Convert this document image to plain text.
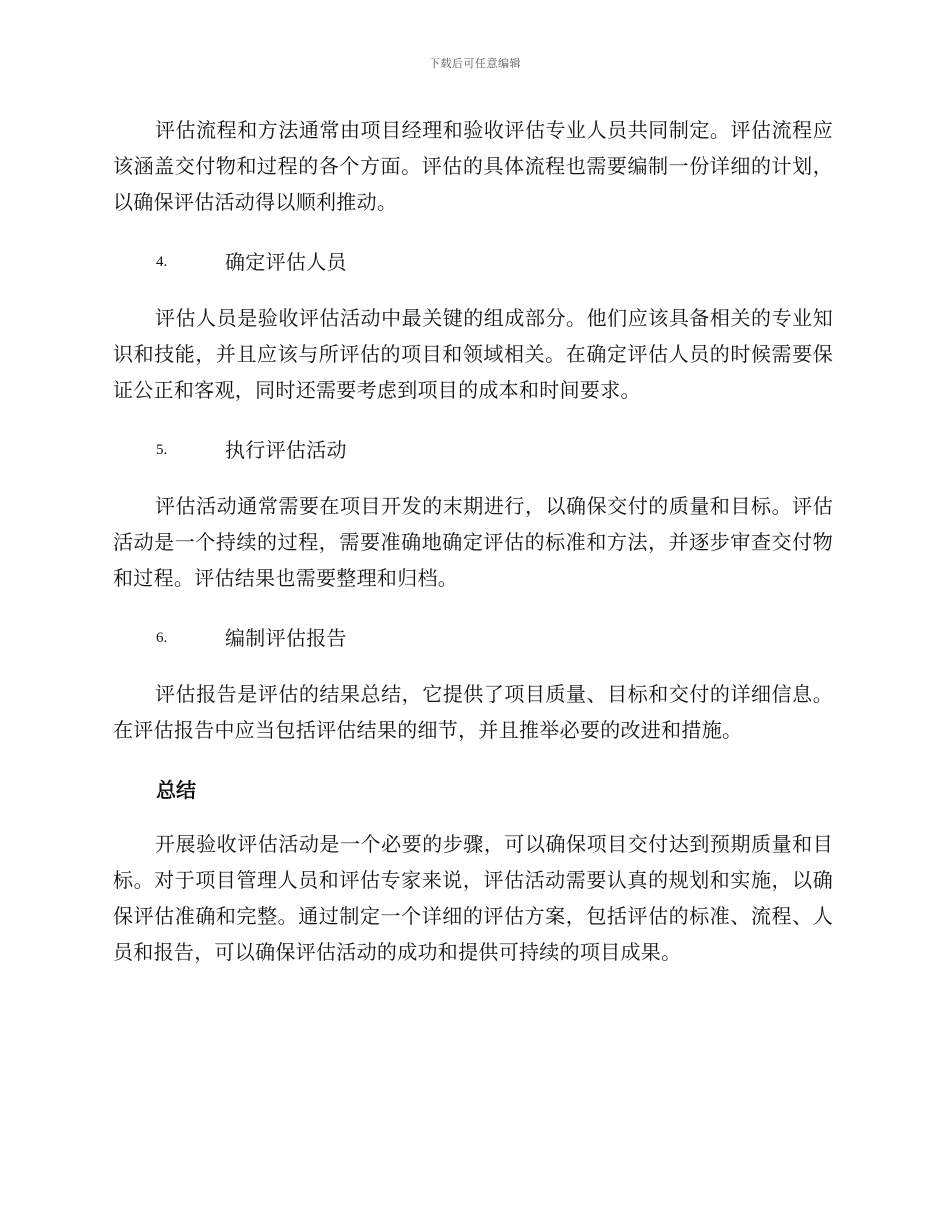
下载后可任意编辑

评估流程和方法通常由项目经理和验收评估专业人员共同制定。评估流程应该涵盖交付物和过程的各个方面。评估的具体流程也需要编制一份详细的计划，以确保评估活动得以顺利推动。

4.	确定评估人员

评估人员是验收评估活动中最关键的组成部分。他们应该具备相关的专业知识和技能，并且应该与所评估的项目和领域相关。在确定评估人员的时候需要保证公正和客观，同时还需要考虑到项目的成本和时间要求。

5.	执行评估活动

评估活动通常需要在项目开发的末期进行，以确保交付的质量和目标。评估活动是一个持续的过程，需要准确地确定评估的标准和方法，并逐步审查交付物和过程。评估结果也需要整理和归档。

6.	编制评估报告

评估报告是评估的结果总结，它提供了项目质量、目标和交付的详细信息。在评估报告中应当包括评估结果的细节，并且推举必要的改进和措施。

总结

开展验收评估活动是一个必要的步骤，可以确保项目交付达到预期质量和目标。对于项目管理人员和评估专家来说，评估活动需要认真的规划和实施，以确保评估准确和完整。通过制定一个详细的评估方案，包括评估的标准、流程、人员和报告，可以确保评估活动的成功和提供可持续的项目成果。
